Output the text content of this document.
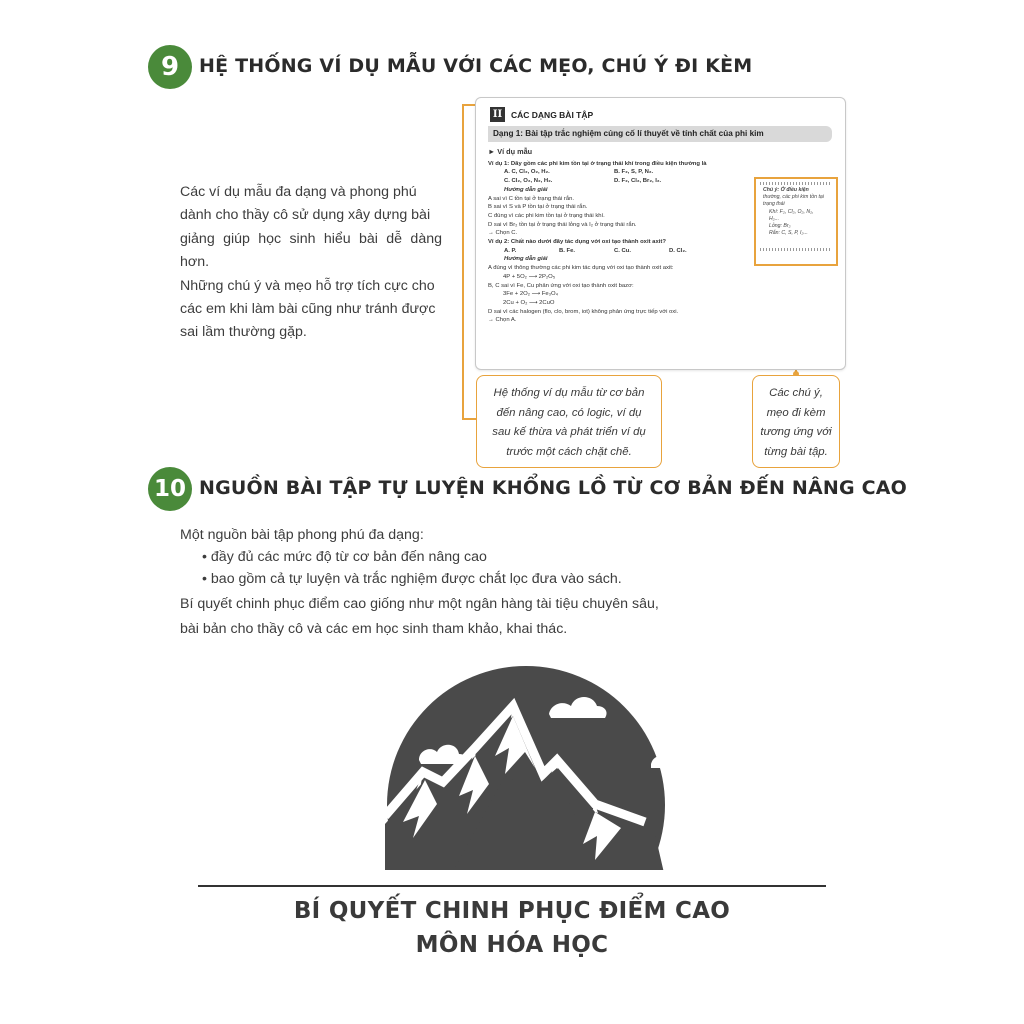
9 HỆ THỐNG VÍ DỤ MẪU VỚI CÁC MẸO, CHÚ Ý ĐI KÈM

Các ví dụ mẫu đa dạng và phong phú

dành cho thầy cô sử dụng xây dựng bài

giảng giúp học sinh hiểu bài dễ dàng hơn.

Những chú ý và mẹo hỗ trợ tích cực cho

các em khi làm bài cũng như tránh được

sai lầm thường gặp.

II	CÁC DẠNG BÀI TẬP
Dạng 1: Bài tập trắc nghiệm củng cố lí thuyết về tính chất của phi kim
► Ví dụ mẫu
Ví dụ 1: Dãy gồm các phi kim tồn tại ở trạng thái khí trong điều kiện thường là
A. C, Cl₂, O₂, H₂.	B. F₂, S, P, N₂.
C. Cl₂, O₂, N₂, H₂.	D. F₂, Cl₂, Br₂, I₂.
Hướng dẫn giải
A sai vì C tồn tại ở trạng thái rắn.
B sai vì S và P tồn tại ở trạng thái rắn.
C đúng vì các phi kim tồn tại ở trạng thái khí.
D sai vì Br₂ tồn tại ở trạng thái lỏng và I₂ ở trạng thái rắn.
→ Chọn C.
Ví dụ 2: Chất nào dưới đây tác dụng với oxi tạo thành oxit axit?
A. P.	B. Fe.	C. Cu.	D. Cl₂.
Hướng dẫn giải
A đúng vì thông thường các phi kim tác dụng với oxi tạo thành oxit axit:
4P + 5O₂ ⟶ 2P₂O₅
B, C sai vì Fe, Cu phản ứng với oxi tạo thành oxit bazơ:
3Fe + 2O₂ ⟶ Fe₃O₄
2Cu + O₂ ⟶ 2CuO
D sai vì các halogen (flo, clo, brom, iot) không phản ứng trực tiếp với oxi.
→ Chọn A.
Chú ý: Ở điều kiện
thường, các phi kim tồn tại
trạng thái
Khí: F₂, Cl₂, O₂, N₂,
H₂...
Lỏng: Br₂
Rắn: C, S, P, I₂...
Hệ thống ví dụ mẫu từ cơ bản
đến nâng cao, có logic, ví dụ
sau kế thừa và phát triển ví dụ
trước một cách chặt chẽ.
Các chú ý,
mẹo đi kèm
tương ứng với
từng bài tập.
10 NGUỒN BÀI TẬP TỰ LUYỆN KHỔNG LỒ TỪ CƠ BẢN ĐẾN NÂNG CAO

Một nguồn bài tập phong phú đa dạng:

• đầy đủ các mức độ từ cơ bản đến nâng cao

• bao gồm cả tự luyện và trắc nghiệm được chắt lọc đưa vào sách.

Bí quyết chinh phục điểm cao giống như một ngân hàng tài tiệu chuyên sâu,

bài bản cho thầy cô và các em học sinh tham khảo, khai thác.

BÍ QUYẾT CHINH PHỤC ĐIỂM CAO
MÔN HÓA HỌC
